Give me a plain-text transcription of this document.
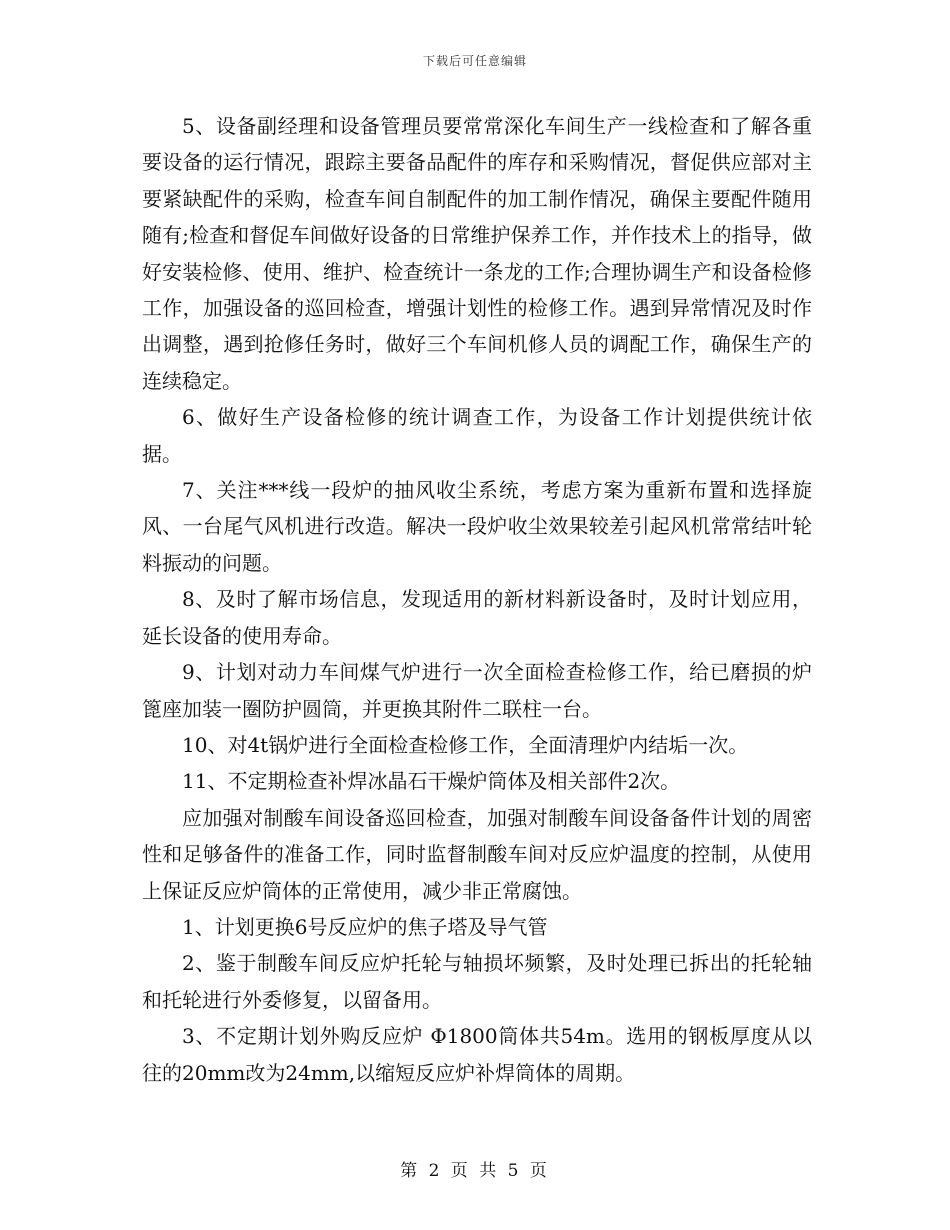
下载后可任意编辑

5、设备副经理和设备管理员要常常深化车间生产一线检查和了解各重要设备的运行情况，跟踪主要备品配件的库存和采购情况，督促供应部对主要紧缺配件的采购，检查车间自制配件的加工制作情况，确保主要配件随用随有;检查和督促车间做好设备的日常维护保养工作，并作技术上的指导，做好安装检修、使用、维护、检查统计一条龙的工作;合理协调生产和设备检修工作，加强设备的巡回检查，增强计划性的检修工作。遇到异常情况及时作出调整，遇到抢修任务时，做好三个车间机修人员的调配工作，确保生产的连续稳定。

6、做好生产设备检修的统计调查工作，为设备工作计划提供统计依据。

7、关注***线一段炉的抽风收尘系统，考虑方案为重新布置和选择旋风、一台尾气风机进行改造。解决一段炉收尘效果较差引起风机常常结叶轮料振动的问题。

8、及时了解市场信息，发现适用的新材料新设备时，及时计划应用，延长设备的使用寿命。

9、计划对动力车间煤气炉进行一次全面检查检修工作，给已磨损的炉篦座加装一圈防护圆筒，并更换其附件二联柱一台。

10、对4t锅炉进行全面检查检修工作，全面清理炉内结垢一次。

11、不定期检查补焊冰晶石干燥炉筒体及相关部件2次。

应加强对制酸车间设备巡回检查，加强对制酸车间设备备件计划的周密性和足够备件的准备工作，同时监督制酸车间对反应炉温度的控制，从使用上保证反应炉筒体的正常使用，减少非正常腐蚀。

1、计划更换6号反应炉的焦子塔及导气管

2、鉴于制酸车间反应炉托轮与轴损坏频繁，及时处理已拆出的托轮轴和托轮进行外委修复，以留备用。

3、不定期计划外购反应炉 Φ1800筒体共54m。选用的钢板厚度从以往的20mm改为24mm,以缩短反应炉补焊筒体的周期。

第 2 页 共 5 页
